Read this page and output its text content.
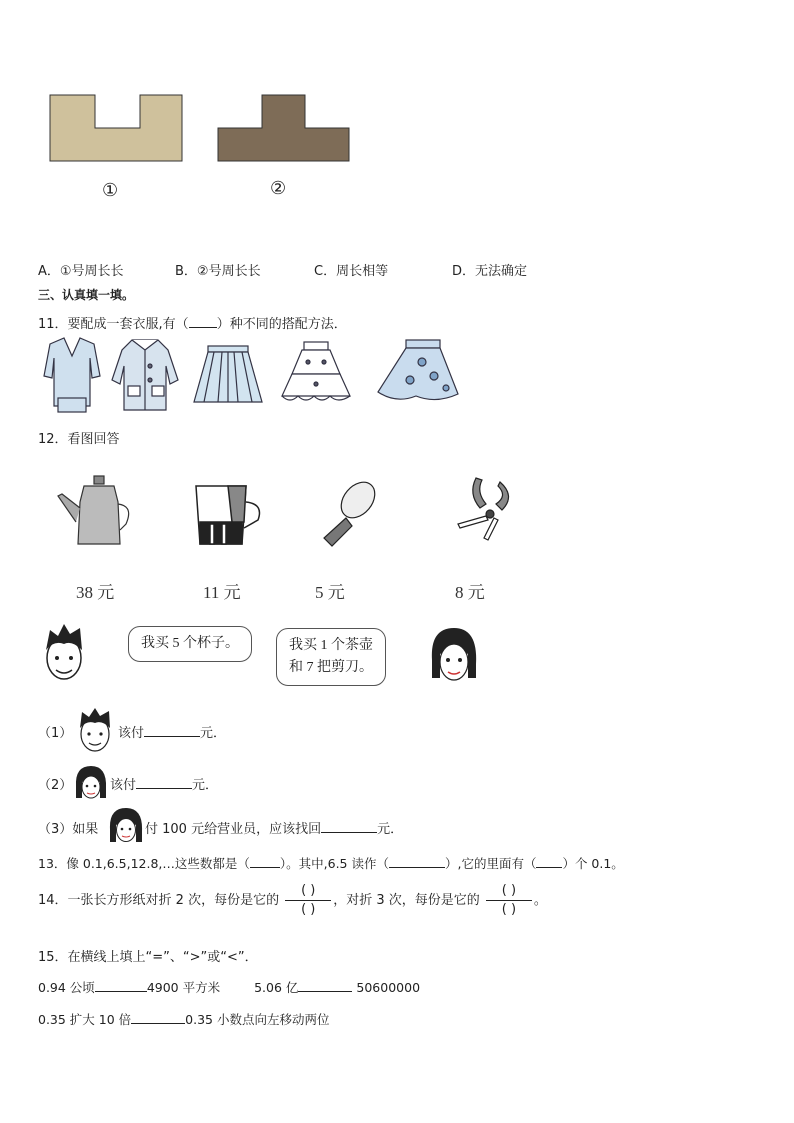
①	②
A．①号周长长	B．②号周长长	C．周长相等	D．无法确定
三、认真填一填。
11．要配成一套衣服,有（ ）种不同的搭配方法．
12．看图回答
38 元	11 元	5 元	8 元
我买 5 个杯子。	我买 1 个茶壶
和 7 把剪刀。
（1）	该付	元．
（2）	该付	元．
（3）如果	付 100 元给营业员，应该找回	元．
13．像 0.1,6.5,12.8,…这些数都是（ ）。其中,6.5 读作（	）,它的里面有（ ）个 0.1。
14．一张长方形纸对折 2 次，每份是它的 $\frac{( )}{( )}$ ，对折 3 次，每份是它的 $\frac{( )}{( )}$ 。
15．在横线上填上“=”、“>”或“<”．
0.94 公顷	4900 平方米	5.06 亿	50600000
0.35 扩大 10 倍	0.35 小数点向左移动两位
